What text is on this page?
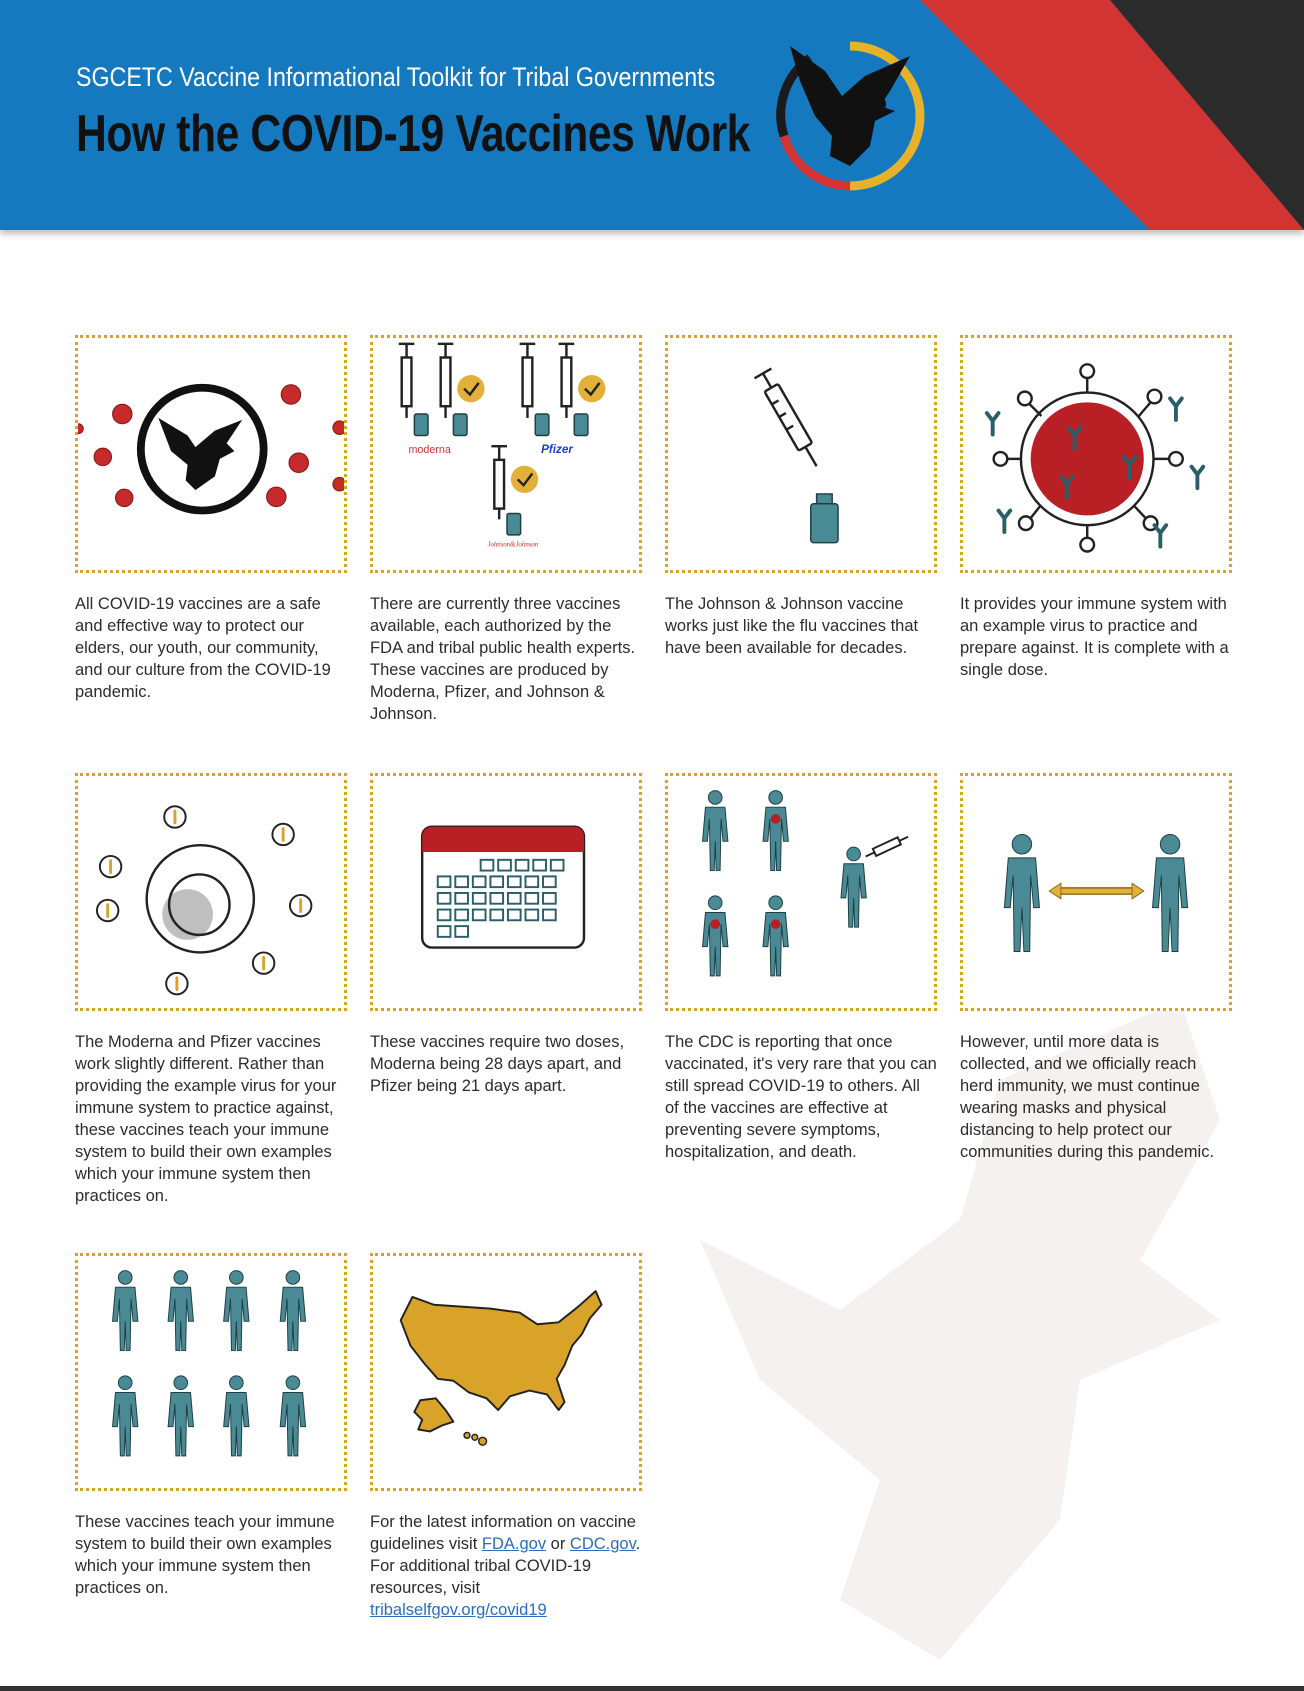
SGCETC Vaccine Informational Toolkit for Tribal Governments
How the COVID-19 Vaccines Work
All COVID-19 vaccines are a safe and effective way to protect our elders, our youth, our community, and our culture from the COVID-19 pandemic.
moderna	Pfizer
Johnson&Johnson
There are currently three vaccines available, each authorized by the FDA and tribal public health experts. These vaccines are produced by Moderna, Pfizer, and Johnson & Johnson.
The Johnson & Johnson vaccine works just like the flu vaccines that have been available for decades.
It provides your immune system with an example virus to practice and prepare against. It is complete with a single dose.
The Moderna and Pfizer vaccines work slightly different. Rather than providing the example virus for your immune system to practice against, these vaccines teach your immune system to build their own examples which your immune system then practices on.
These vaccines require two doses, Moderna being 28 days apart, and Pfizer being 21 days apart.
The CDC is reporting that once vaccinated, it's very rare that you can still spread COVID-19 to others. All of the vaccines are effective at preventing severe symptoms, hospitalization, and death.
However, until more data is collected, and we officially reach herd immunity, we must continue wearing masks and physical distancing to help protect our communities during this pandemic.
These vaccines teach your immune system to build their own examples which your immune system then practices on.
For the latest information on vaccine guidelines visit FDA.gov or CDC.gov. For additional tribal COVID-19 resources, visit tribalselfgov.org/covid19
